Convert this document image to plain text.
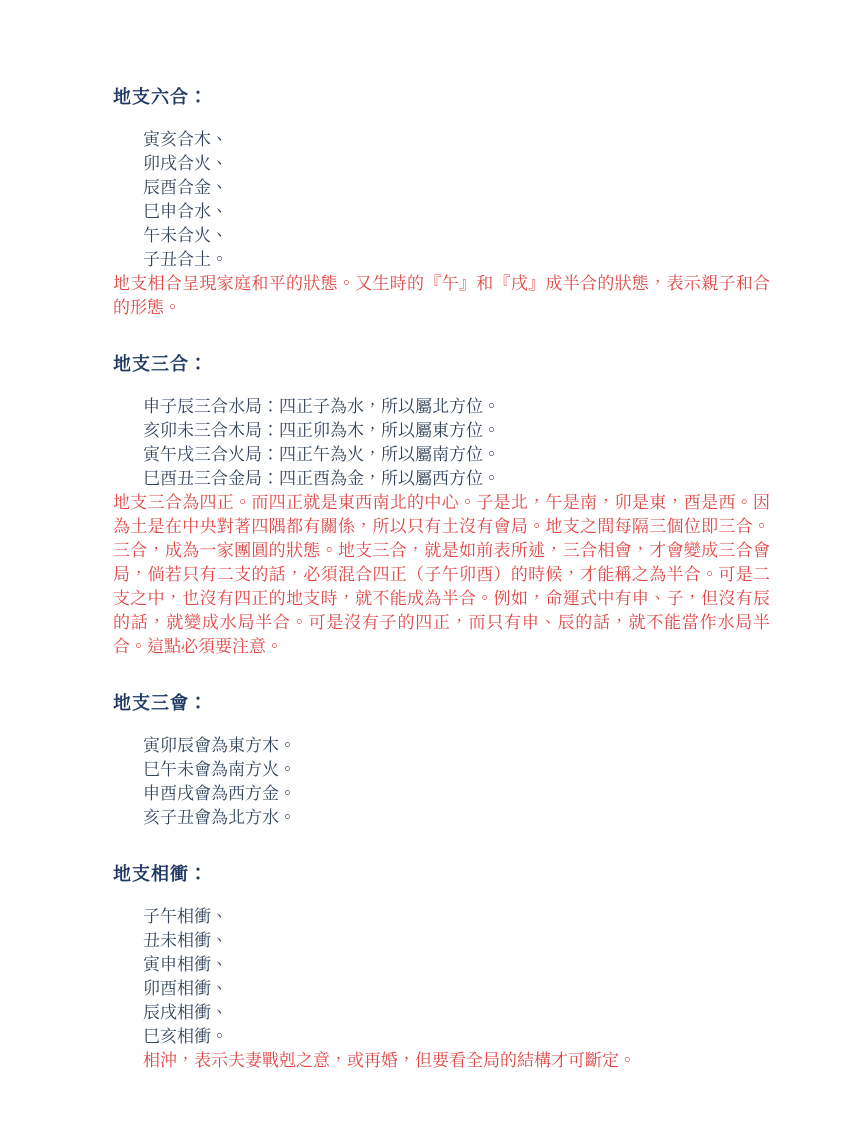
地支六合：
寅亥合木、
卯戌合火、
辰酉合金、
巳申合水、
午未合火、
子丑合土。

地支相合呈現家庭和平的狀態。又生時的『午』和『戌』成半合的狀態，表示親子和合的形態。

地支三合：
申子辰三合水局：四正子為水，所以屬北方位。
亥卯未三合木局：四正卯為木，所以屬東方位。
寅午戌三合火局：四正午為火，所以屬南方位。
巳酉丑三合金局：四正酉為金，所以屬西方位。

地支三合為四正。而四正就是東西南北的中心。子是北，午是南，卯是東，酉是西。因為土是在中央對著四隅都有關係，所以只有土沒有會局。地支之間每隔三個位即三合。三合，成為一家團圓的狀態。地支三合，就是如前表所述，三合相會，才會變成三合會局，倘若只有二支的話，必須混合四正（子午卯酉）的時候，才能稱之為半合。可是二支之中，也沒有四正的地支時，就不能成為半合。例如，命運式中有申、子，但沒有辰的話，就變成水局半合。可是沒有子的四正，而只有申、辰的話，就不能當作水局半合。這點必須要注意。

地支三會：
寅卯辰會為東方木。
巳午未會為南方火。
申酉戌會為西方金。
亥子丑會為北方水。
地支相衝：
子午相衝、
丑未相衝、
寅申相衝、
卯酉相衝、
辰戌相衝、
巳亥相衝。

相沖，表示夫妻戰剋之意，或再婚，但要看全局的結構才可斷定。
